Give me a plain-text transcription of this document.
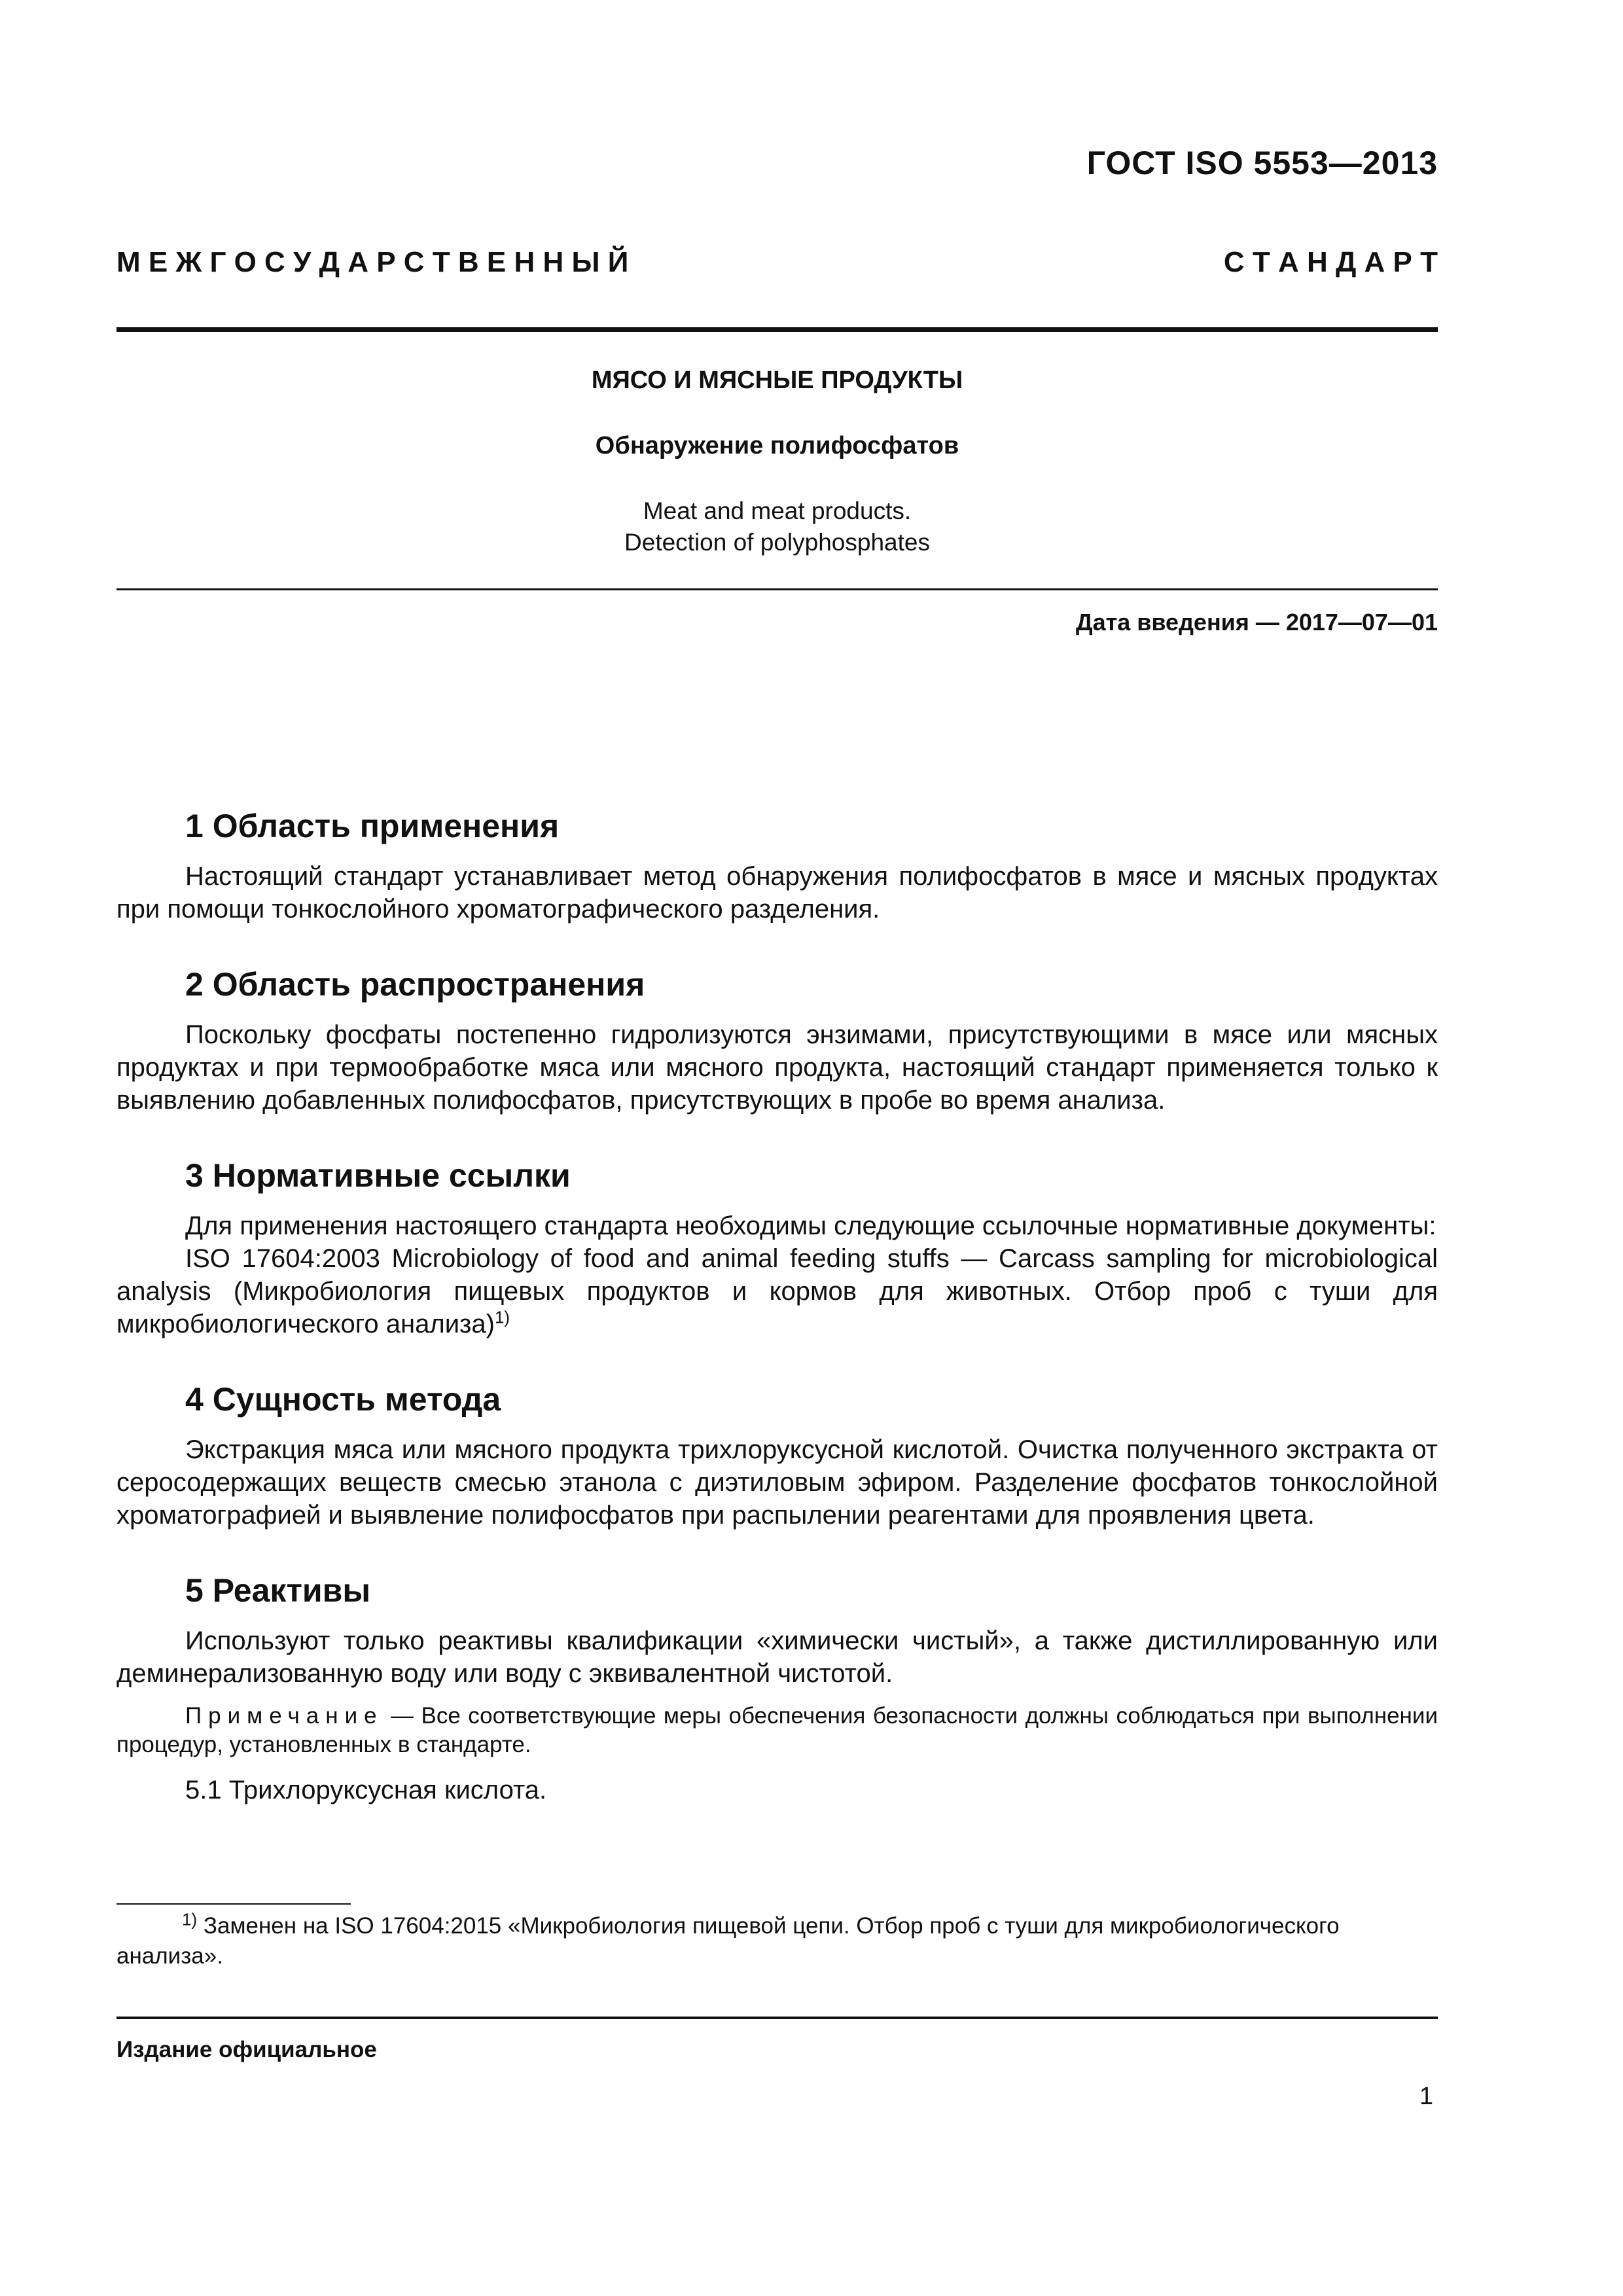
ГОСТ ISO 5553—2013
М Е Ж Г О С У Д А Р С Т В Е Н Н Ы Й	С Т А Н Д А Р Т
МЯСО И МЯСНЫЕ ПРОДУКТЫ
Обнаружение полифосфатов
Meat and meat products.
Detection of polyphosphates
Дата введения — 2017—07—01
1 Область применения

Настоящий стандарт устанавливает метод обнаружения полифосфатов в мясе и мясных продуктах при помощи тонкослойного хроматографического разделения.

2 Область распространения

Поскольку фосфаты постепенно гидролизуются энзимами, присутствующими в мясе или мясных продуктах и при термообработке мяса или мясного продукта, настоящий стандарт применяется только к выявлению добавленных полифосфатов, присутствующих в пробе во время анализа.

3 Нормативные ссылки

Для применения настоящего стандарта необходимы следующие ссылочные нормативные документы:

ISO 17604:2003 Microbiology of food and animal feeding stuffs — Carcass sampling for microbiological analysis (Микробиология пищевых продуктов и кормов для животных. Отбор проб с туши для микробиологического анализа)$^{1)}$

4 Сущность метода

Экстракция мяса или мясного продукта трихлоруксусной кислотой. Очистка полученного экстракта от серосодержащих веществ смесью этанола с диэтиловым эфиром. Разделение фосфатов тонкослойной хроматографией и выявление полифосфатов при распылении реагентами для проявления цвета.

5 Реактивы

Используют только реактивы квалификации «химически чистый», а также дистиллированную или деминерализованную воду или воду с эквивалентной чистотой.

Примечание — Все соответствующие меры обеспечения безопасности должны соблюдаться при выполнении процедур, установленных в стандарте.

5.1 Трихлоруксусная кислота.

$^{1)}$ Заменен на ISO 17604:2015 «Микробиология пищевой цепи. Отбор проб с туши для микробиологического анализа».
Издание официальное
1
